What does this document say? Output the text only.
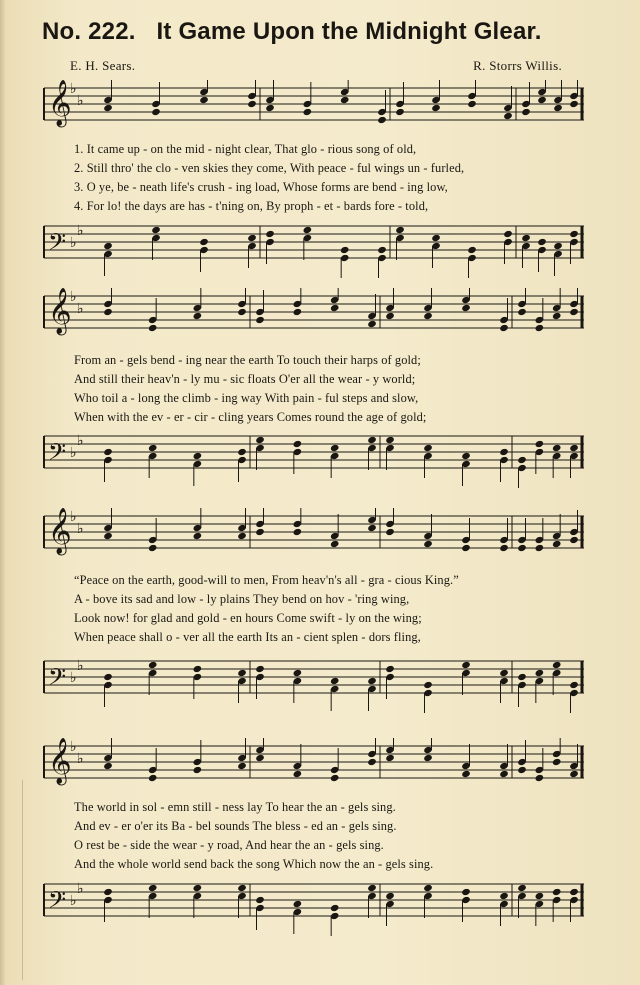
No. 222. It Game Upon the Midnight Glear.
E. H. Sears.	R. Storrs Willis.
𝄞
♭
♭
1. It came up - on the mid - night clear, That glo - rious song of old,
2. Still thro' the clo - ven skies they come, With peace - ful wings un - furled,
3. O ye, be - neath life's crush - ing load, Whose forms are bend - ing low,
4. For lo! the days are has - t'ning on, By proph - et - bards fore - told,
𝄢 ♭
♭
𝄞
♭
♭
From an - gels bend - ing near the earth To touch their harps of gold;
And still their heav'n - ly mu - sic floats O'er all the wear - y world;
Who toil a - long the climb - ing way With pain - ful steps and slow,
When with the ev - er - cir - cling years Comes round the age of gold;
𝄢 ♭
♭
𝄞
♭
♭
“Peace on the earth, good-will to men, From heav'n's all - gra - cious King.”
A - bove its sad and low - ly plains They bend on hov - 'ring wing,
Look now! for glad and gold - en hours Come swift - ly on the wing;
When peace shall o - ver all the earth Its an - cient splen - dors fling,
𝄢 ♭
♭
𝄞
♭
♭
The world in sol - emn still - ness lay To hear the an - gels sing.
And ev - er o'er its Ba - bel sounds The bless - ed an - gels sing.
O rest be - side the wear - y road, And hear the an - gels sing.
And the whole world send back the song Which now the an - gels sing.
𝄢 ♭
♭
